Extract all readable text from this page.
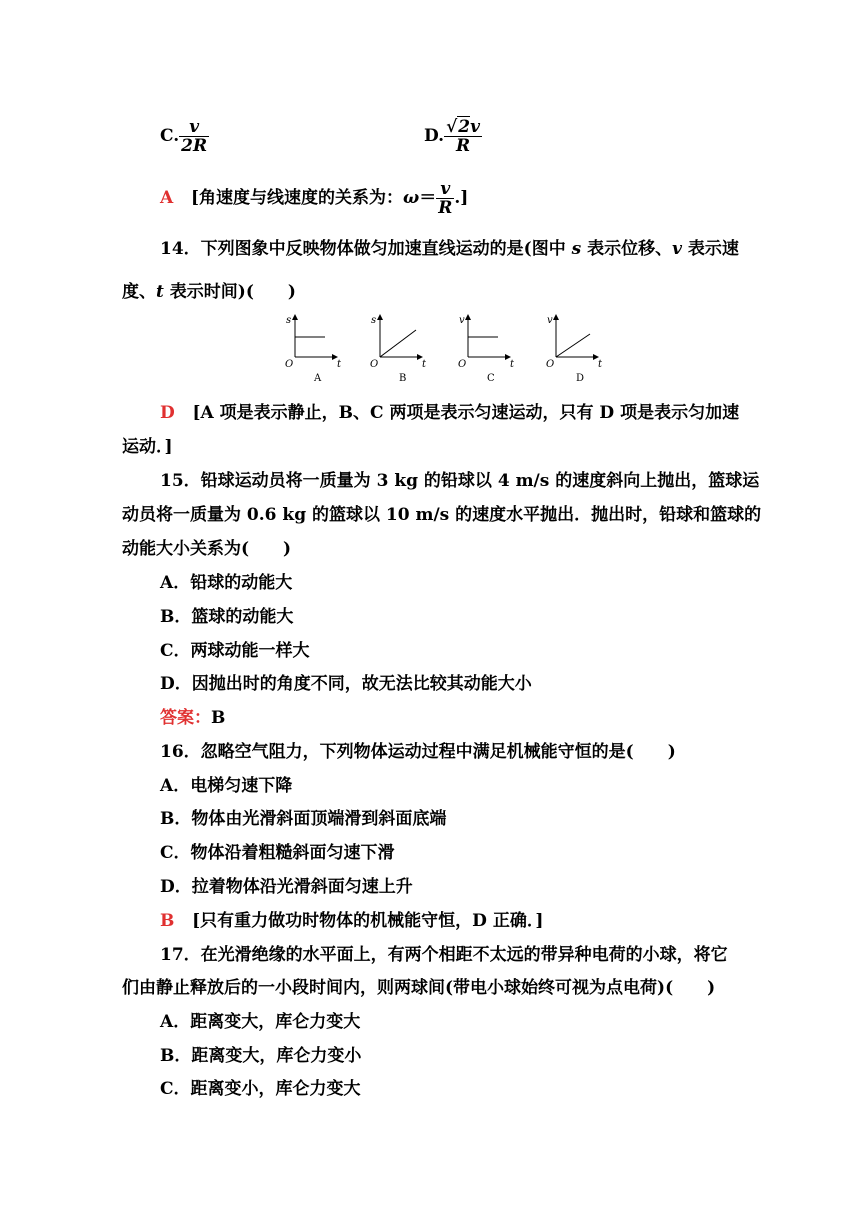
C. $\frac{v}{2R}$	D. $\frac{√2v}{R}$
A [角速度与线速度的关系为：$\omega= \frac{v}{R}$ .]
14．下列图象中反映物体做匀加速直线运动的是(图中 s 表示位移、v 表示速
度、t 表示时间)(　　)
s
O	t
A
s
O	t
B
v
O	t
C
v
O	t
D
D [A 项是表示静止，B、C 两项是表示匀速运动，只有 D 项是表示匀加速
运动．]
15．铅球运动员将一质量为 3 kg 的铅球以 4 m/s 的速度斜向上抛出，篮球运
动员将一质量为 0.6 kg 的篮球以 10 m/s 的速度水平抛出．抛出时，铅球和篮球的
动能大小关系为(　　)
A．铅球的动能大
B．篮球的动能大
C．两球动能一样大
D．因抛出时的角度不同，故无法比较其动能大小
答案：B
16．忽略空气阻力，下列物体运动过程中满足机械能守恒的是(　　)
A．电梯匀速下降
B．物体由光滑斜面顶端滑到斜面底端
C．物体沿着粗糙斜面匀速下滑
D．拉着物体沿光滑斜面匀速上升
B [只有重力做功时物体的机械能守恒，D 正确．]
17．在光滑绝缘的水平面上，有两个相距不太远的带异种电荷的小球，将它
们由静止释放后的一小段时间内，则两球间(带电小球始终可视为点电荷)(　　)
A．距离变大，库仑力变大
B．距离变大，库仑力变小
C．距离变小，库仑力变大
